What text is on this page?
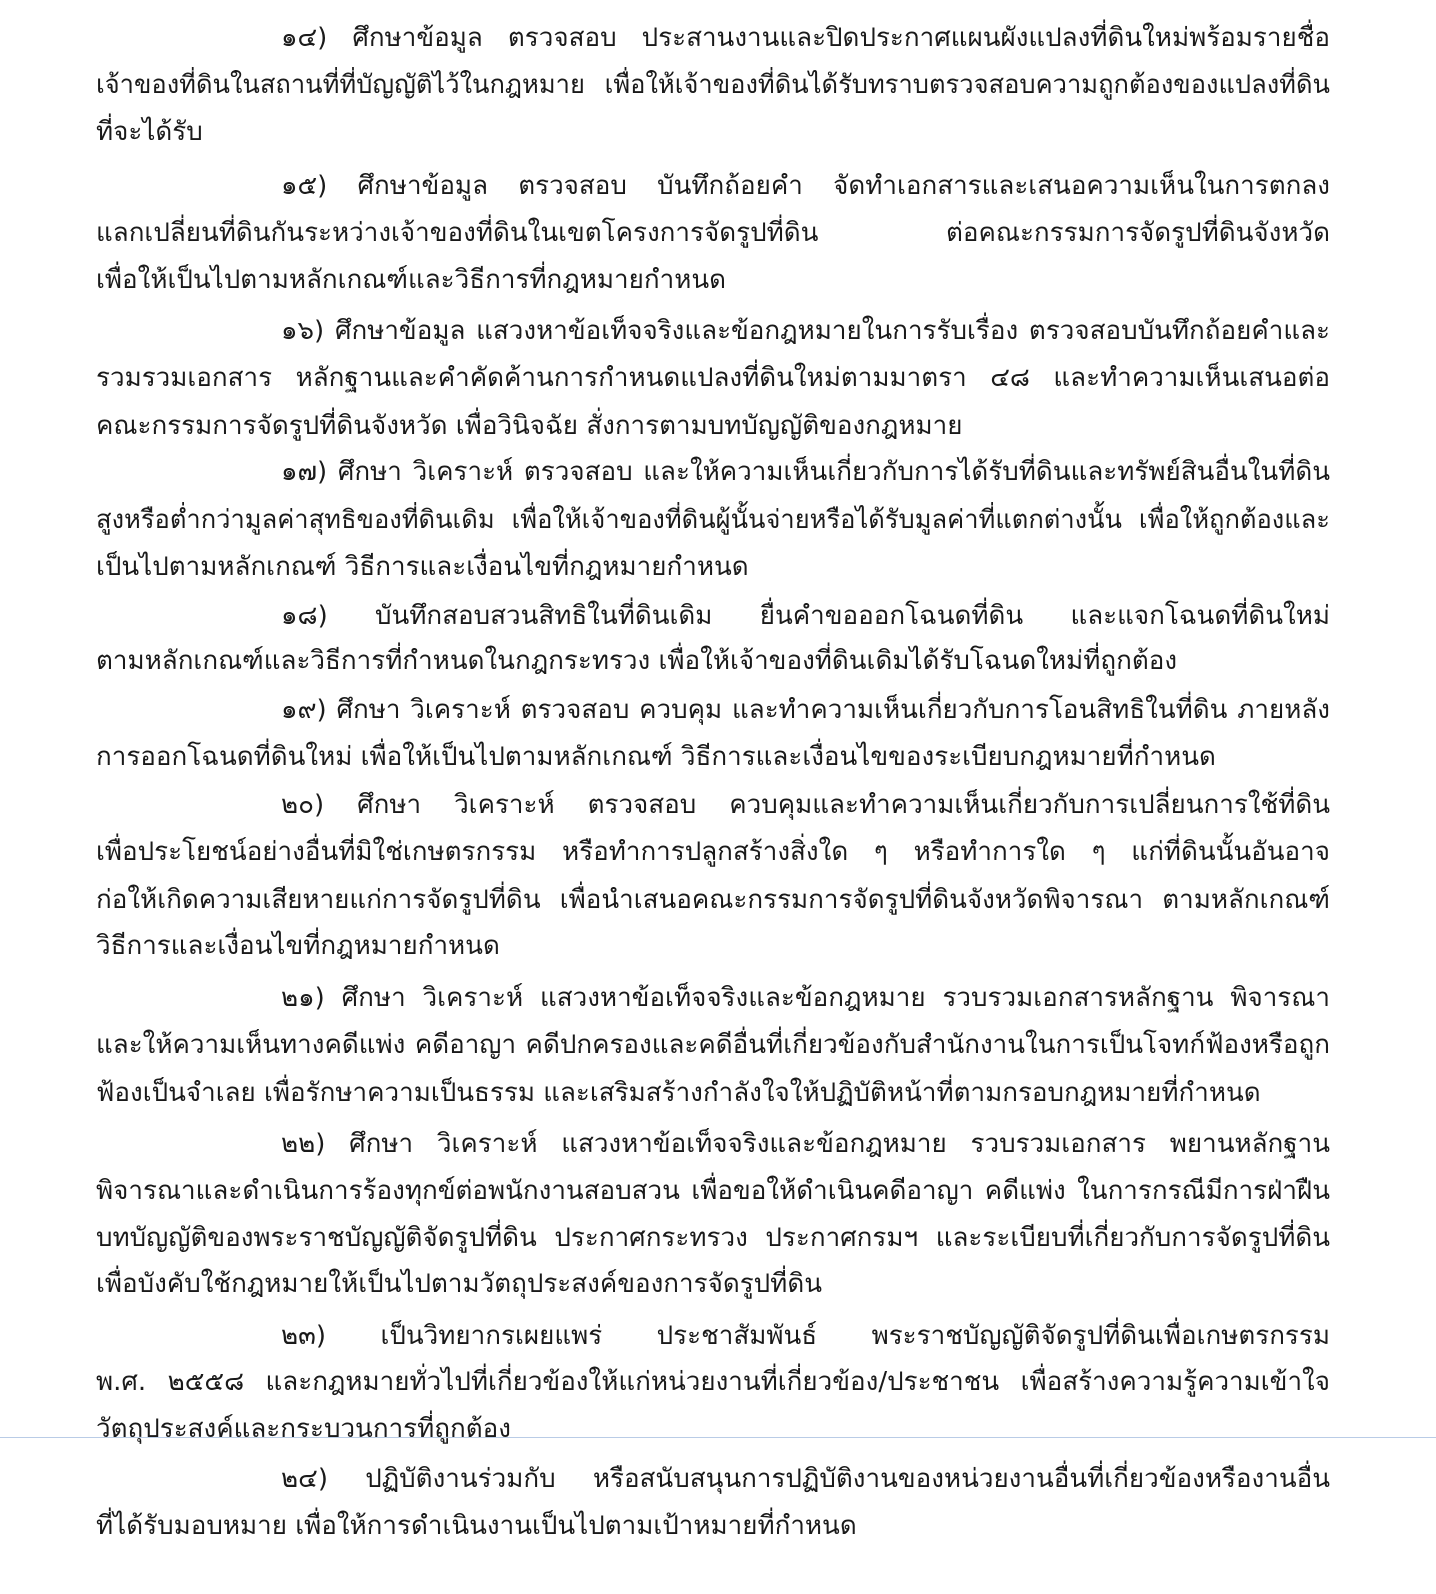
๑๔) ศึกษาข้อมูล ตรวจสอบ ประสานงานและปิดประกาศแผนผังแปลงที่ดินใหม่พร้อมรายชื่อ
เจ้าของที่ดินในสถานที่ที่บัญญัติไว้ในกฎหมาย เพื่อให้เจ้าของที่ดินได้รับทราบตรวจสอบความถูกต้องของแปลงที่ดิน
ที่จะได้รับ
๑๕) ศึกษาข้อมูล ตรวจสอบ บันทึกถ้อยคำ จัดทำเอกสารและเสนอความเห็นในการตกลง
แลกเปลี่ยนที่ดินกันระหว่างเจ้าของที่ดินในเขตโครงการจัดรูปที่ดิน ต่อคณะกรรมการจัดรูปที่ดินจังหวัด
เพื่อให้เป็นไปตามหลักเกณฑ์และวิธีการที่กฎหมายกำหนด
๑๖) ศึกษาข้อมูล แสวงหาข้อเท็จจริงและข้อกฎหมายในการรับเรื่อง ตรวจสอบบันทึกถ้อยคำและ
รวมรวมเอกสาร หลักฐานและคำคัดค้านการกำหนดแปลงที่ดินใหม่ตามมาตรา ๔๘ และทำความเห็นเสนอต่อ
คณะกรรมการจัดรูปที่ดินจังหวัด เพื่อวินิจฉัย สั่งการตามบทบัญญัติของกฎหมาย
๑๗) ศึกษา วิเคราะห์ ตรวจสอบ และให้ความเห็นเกี่ยวกับการได้รับที่ดินและทรัพย์สินอื่นในที่ดิน
สูงหรือต่ำกว่ามูลค่าสุทธิของที่ดินเดิม เพื่อให้เจ้าของที่ดินผู้นั้นจ่ายหรือได้รับมูลค่าที่แตกต่างนั้น เพื่อให้ถูกต้องและ
เป็นไปตามหลักเกณฑ์ วิธีการและเงื่อนไขที่กฎหมายกำหนด
๑๘) บันทึกสอบสวนสิทธิในที่ดินเดิม ยื่นคำขอออกโฉนดที่ดิน และแจกโฉนดที่ดินใหม่
ตามหลักเกณฑ์และวิธีการที่กำหนดในกฎกระทรวง เพื่อให้เจ้าของที่ดินเดิมได้รับโฉนดใหม่ที่ถูกต้อง
๑๙) ศึกษา วิเคราะห์ ตรวจสอบ ควบคุม และทำความเห็นเกี่ยวกับการโอนสิทธิในที่ดิน ภายหลัง
การออกโฉนดที่ดินใหม่ เพื่อให้เป็นไปตามหลักเกณฑ์ วิธีการและเงื่อนไขของระเบียบกฎหมายที่กำหนด
๒๐) ศึกษา วิเคราะห์ ตรวจสอบ ควบคุมและทำความเห็นเกี่ยวกับการเปลี่ยนการใช้ที่ดิน
เพื่อประโยชน์อย่างอื่นที่มิใช่เกษตรกรรม หรือทำการปลูกสร้างสิ่งใด ๆ หรือทำการใด ๆ แก่ที่ดินนั้นอันอาจ
ก่อให้เกิดความเสียหายแก่การจัดรูปที่ดิน เพื่อนำเสนอคณะกรรมการจัดรูปที่ดินจังหวัดพิจารณา ตามหลักเกณฑ์
วิธีการและเงื่อนไขที่กฎหมายกำหนด
๒๑) ศึกษา วิเคราะห์ แสวงหาข้อเท็จจริงและข้อกฎหมาย รวบรวมเอกสารหลักฐาน พิจารณา
และให้ความเห็นทางคดีแพ่ง คดีอาญา คดีปกครองและคดีอื่นที่เกี่ยวข้องกับสำนักงานในการเป็นโจทก์ฟ้องหรือถูก
ฟ้องเป็นจำเลย เพื่อรักษาความเป็นธรรม และเสริมสร้างกำลังใจให้ปฏิบัติหน้าที่ตามกรอบกฎหมายที่กำหนด
๒๒) ศึกษา วิเคราะห์ แสวงหาข้อเท็จจริงและข้อกฎหมาย รวบรวมเอกสาร พยานหลักฐาน
พิจารณาและดำเนินการร้องทุกข์ต่อพนักงานสอบสวน เพื่อขอให้ดำเนินคดีอาญา คดีแพ่ง ในการกรณีมีการฝ่าฝืน
บทบัญญัติของพระราชบัญญัติจัดรูปที่ดิน ประกาศกระทรวง ประกาศกรมฯ และระเบียบที่เกี่ยวกับการจัดรูปที่ดิน
เพื่อบังคับใช้กฎหมายให้เป็นไปตามวัตถุประสงค์ของการจัดรูปที่ดิน
๒๓) เป็นวิทยากรเผยแพร่ ประชาสัมพันธ์ พระราชบัญญัติจัดรูปที่ดินเพื่อเกษตรกรรม
พ.ศ. ๒๕๕๘ และกฎหมายทั่วไปที่เกี่ยวข้องให้แก่หน่วยงานที่เกี่ยวข้อง/ประชาชน เพื่อสร้างความรู้ความเข้าใจ
วัตถุประสงค์และกระบวนการที่ถูกต้อง
๒๔) ปฏิบัติงานร่วมกับ หรือสนับสนุนการปฏิบัติงานของหน่วยงานอื่นที่เกี่ยวข้องหรืองานอื่น
ที่ได้รับมอบหมาย เพื่อให้การดำเนินงานเป็นไปตามเป้าหมายที่กำหนด
